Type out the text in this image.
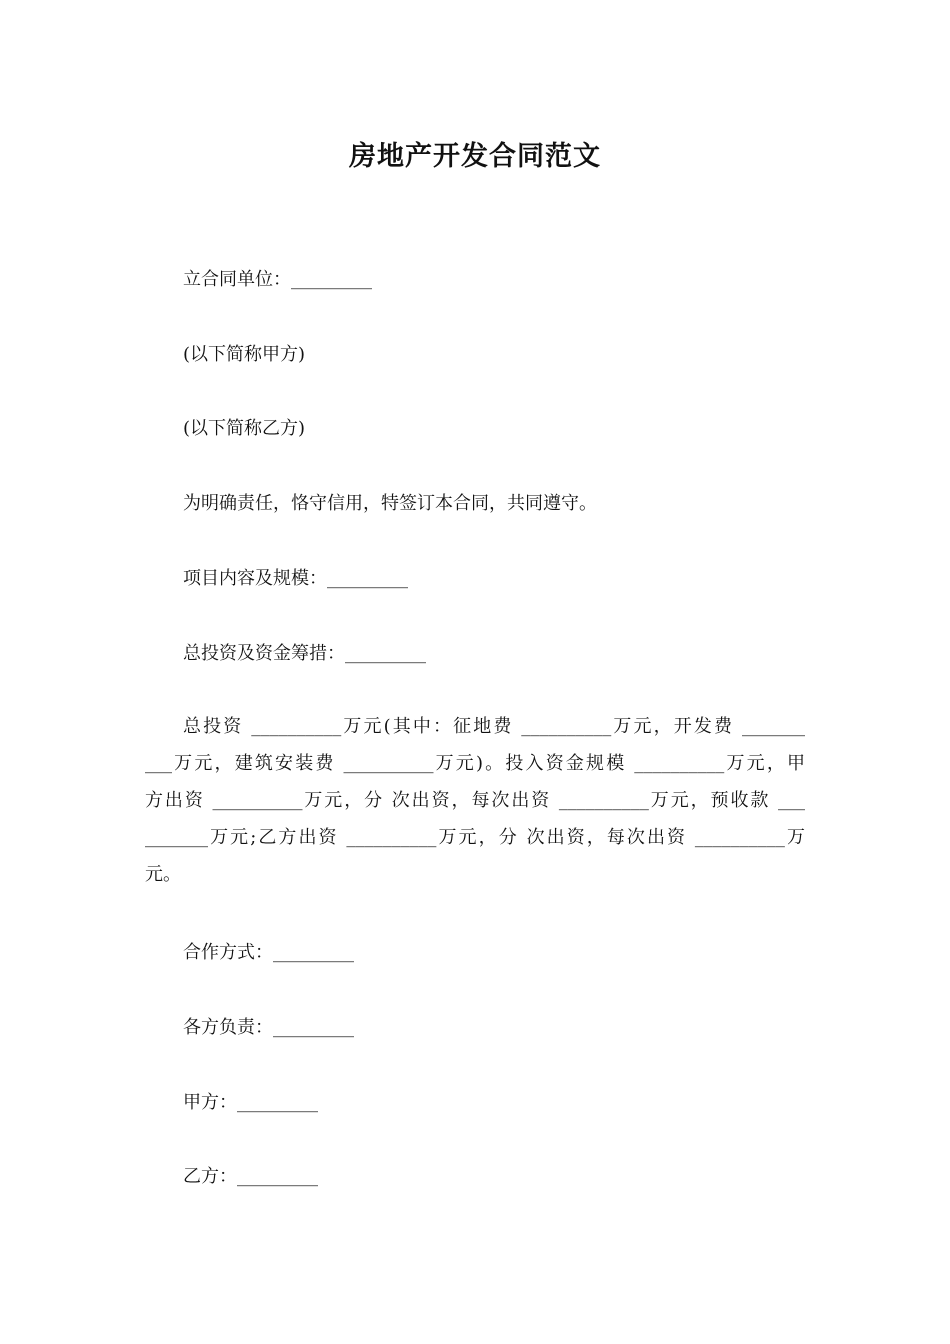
房地产开发合同范文
立合同单位：_________
(以下简称甲方)
(以下简称乙方)
为明确责任，恪守信用，特签订本合同，共同遵守。
项目内容及规模：_________
总投资及资金筹措：_________
总投资 __________万元(其中：征地费 __________万元，开发费 _______
___万元，建筑安装费 __________万元)。投入资金规模 __________万元，甲
方出资 __________万元，分 次出资，每次出资 __________万元，预收款 ___
_______万元;乙方出资 __________万元，分 次出资，每次出资 __________万
元。
合作方式：_________
各方负责：_________
甲方：_________
乙方：_________
